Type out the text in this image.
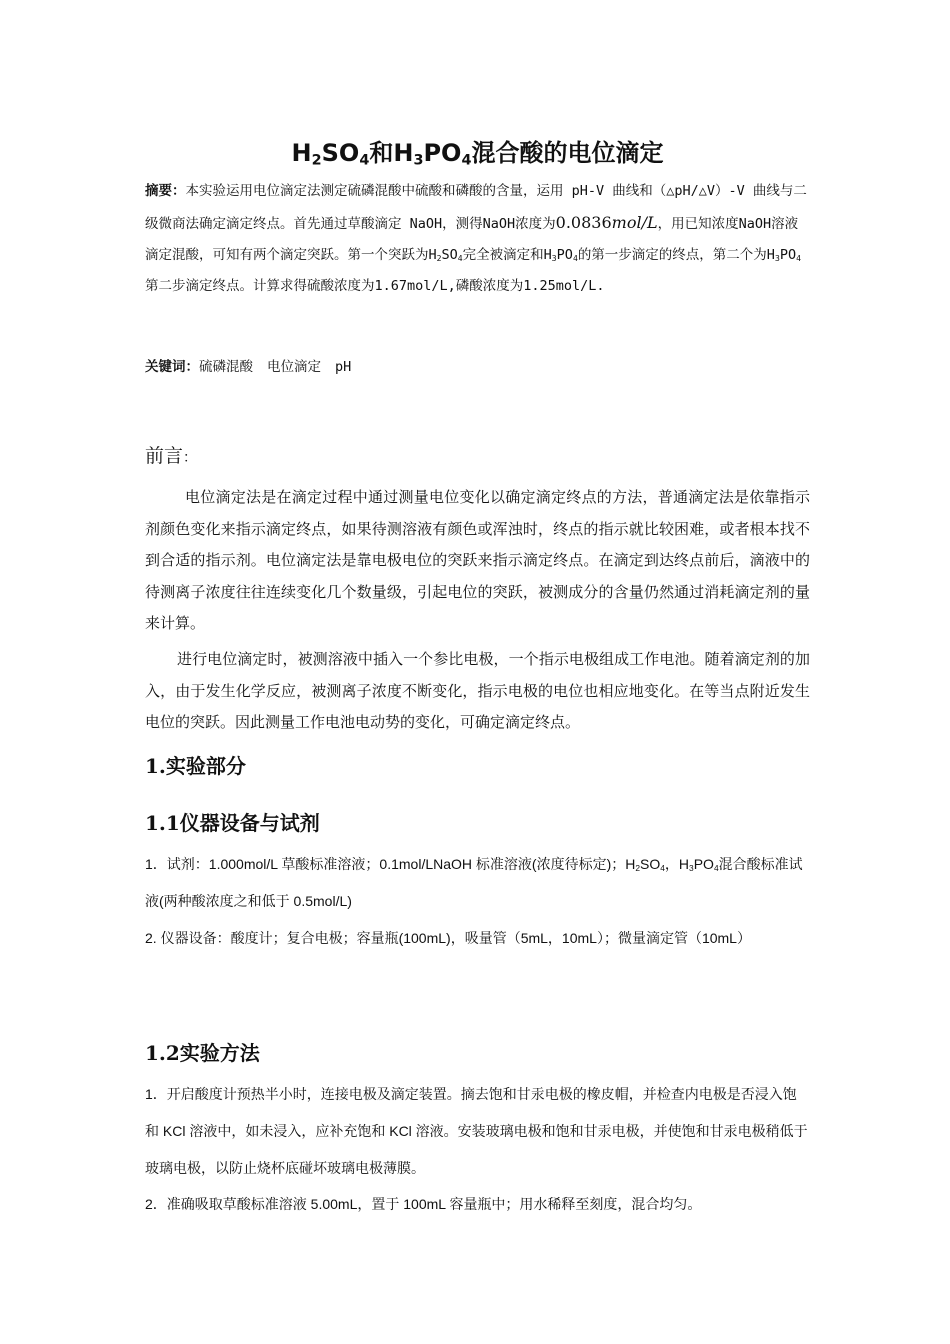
$H_2SO_4$和$H_3PO_4$混合酸的电位滴定
摘要：本实验运用电位滴定法测定硫磷混酸中硫酸和磷酸的含量，运用 pH-V 曲线和（△pH/△V）-V 曲线与二级微商法确定滴定终点。首先通过草酸滴定 NaOH，测得NaOH浓度为0.0836mol/L，用已知浓度NaOH溶液滴定混酸，可知有两个滴定突跃。第一个突跃为$H_2SO_4$完全被滴定和$H_3PO_4$的第一步滴定的终点，第二个为$H_3PO_4$第二步滴定终点。计算求得硫酸浓度为1.67mol/L,磷酸浓度为1.25mol/L.
关键词：硫磷混酸 电位滴定 pH
前言：

电位滴定法是在滴定过程中通过测量电位变化以确定滴定终点的方法，普通滴定法是依靠指示剂颜色变化来指示滴定终点，如果待测溶液有颜色或浑浊时，终点的指示就比较困难，或者根本找不到合适的指示剂。电位滴定法是靠电极电位的突跃来指示滴定终点。在滴定到达终点前后，滴液中的待测离子浓度往往连续变化几个数量级，引起电位的突跃，被测成分的含量仍然通过消耗滴定剂的量来计算。

进行电位滴定时，被测溶液中插入一个参比电极，一个指示电极组成工作电池。随着滴定剂的加入，由于发生化学反应，被测离子浓度不断变化，指示电极的电位也相应地变化。在等当点附近发生电位的突跃。因此测量工作电池电动势的变化，可确定滴定终点。

1.实验部分
1.1仪器设备与试剂
1．试剂：1.000mol/L 草酸标准溶液；0.1mol/LNaOH 标准溶液(浓度待标定)；$H_2SO_4$，$H_3PO_4$混合酸标准试液(两种酸浓度之和低于 0.5mol/L)
2. 仪器设备：酸度计；复合电极；容量瓶(100mL)，吸量管（5mL，10mL）；微量滴定管（10mL）
1.2实验方法
1．开启酸度计预热半小时，连接电极及滴定装置。摘去饱和甘汞电极的橡皮帽，并检查内电极是否浸入饱和 KCl 溶液中，如未浸入，应补充饱和 KCl 溶液。安装玻璃电极和饱和甘汞电极，并使饱和甘汞电极稍低于玻璃电极，以防止烧杯底碰坏玻璃电极薄膜。
2．准确吸取草酸标准溶液 5.00mL，置于 100mL 容量瓶中；用水稀释至刻度，混合均匀。
